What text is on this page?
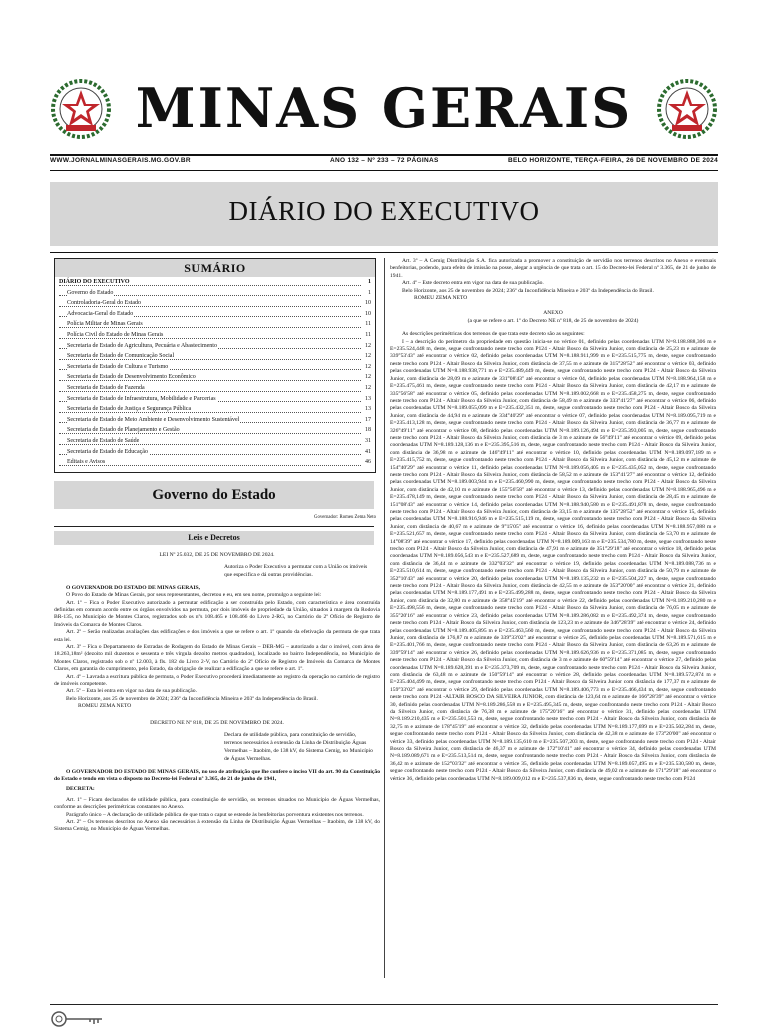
MINAS GERAIS
WWW.JORNALMINASGERAIS.MG.GOV.BR	ANO 132 – Nº 233 – 72 PÁGINAS	BELO HORIZONTE, TERÇA-FEIRA, 26 DE NOVEMBRO DE 2024
DIÁRIO DO EXECUTIVO
SUMÁRIO
DIÁRIO DO EXECUTIVO	1
Governo do Estado	1
Controladoria-Geral do Estado	10
Advocacia-Geral do Estado	10
Polícia Militar de Minas Gerais	11
Polícia Civil do Estado de Minas Gerais	11
Secretaria de Estado de Agricultura, Pecuária e Abastecimento	12
Secretaria de Estado de Comunicação Social	12
Secretaria de Estado de Cultura e Turismo	12
Secretaria de Estado de Desenvolvimento Econômico	12
Secretaria de Estado de Fazenda	12
Secretaria de Estado de Infraestrutura, Mobilidade e Parcerias	13
Secretaria de Estado de Justiça e Segurança Pública	13
Secretaria de Estado de Meio Ambiente e Desenvolvimento Sustentável	17
Secretaria de Estado de Planejamento e Gestão	18
Secretaria de Estado de Saúde	31
Secretaria de Estado de Educação	41
Editais e Avisos	46
Governo do Estado
Governador: Romeu Zema Neto
Leis e Decretos
LEI Nº 25.032, DE 25 DE NOVEMBRO DE 2024.
Autoriza o Poder Executivo a permutar com a União os imóveis que especifica e dá outras providências.

O GOVERNADOR DO ESTADO DE MINAS GERAIS,

O Povo do Estado de Minas Gerais, por seus representantes, decretou e eu, em seu nome, promulgo a seguinte lei:

Art. 1º – Fica o Poder Executivo autorizado a permutar edificação a ser construída pelo Estado, com característica e área construída definidas em comum acordo entre os órgãos envolvidos na permuta, por dois imóveis de propriedade da União, situados à margem da Rodovia BR-135, no Município de Montes Claros, registrados sob os nºs 108.465 e 108.466 do Livro 2-RG, no Cartório do 2º Ofício de Registro de Imóveis da Comarca de Montes Claros.

Art. 2º – Serão realizadas avaliações das edificações e dos imóveis a que se refere o art. 1º quando da efetivação da permuta de que trata esta lei.

Art. 3º – Fica o Departamento de Estradas de Rodagem do Estado de Minas Gerais – DER-MG – autorizado a dar o imóvel, com área de 18.263,18m² (dezoito mil duzentos e sessenta e três vírgula dezoito metros quadrados), localizado no bairro Independência, no Município de Montes Claros, registrado sob o nº 12.003, à fls. 182 do Livro 2-V, no Cartório do 2º Ofício de Registro de Imóveis da Comarca de Montes Claros, em garantia do cumprimento, pelo Estado, da obrigação de realizar a edificação a que se refere o art. 1º.

Art. 4º – Lavrada a escritura pública de permuta, o Poder Executivo procederá imediatamente ao registro da operação no cartório de registro de imóveis competente.

Art. 5º – Esta lei entra em vigor na data de sua publicação.

Belo Horizonte, aos 25 de novembro de 2024; 236º da Inconfidência Mineira e 203º da Independência do Brasil.

ROMEU ZEMA NETO

DECRETO NE Nº 818, DE 25 DE NOVEMBRO DE 2024.
Declara de utilidade pública, para constituição de servidão, terrenos necessários à extensão da Linha de Distribuição Águas Vermelhas – Itaobim, de 138 kV, do Sistema Cemig, no Município de Águas Vermelhas.

O GOVERNADOR DO ESTADO DE MINAS GERAIS, no uso de atribuição que lhe confere o inciso VII do art. 90 da Constituição do Estado e tendo em vista o disposto no Decreto-lei Federal nº 3.365, de 21 de junho de 1941,

DECRETA:

Art. 1º – Ficam declarados de utilidade pública, para constituição de servidão, os terrenos situados no Município de Águas Vermelhas, conforme as descrições perimétricas constantes no Anexo.

Parágrafo único – A declaração de utilidade pública de que trata o caput se estende às benfeitorias porventura existentes nos terrenos.

Art. 2º – Os terrenos descritos no Anexo são necessários à extensão da Linha de Distribuição Águas Vermelhas – Itaobim, de 138 kV, do Sistema Cemig, no Município de Águas Vermelhas.

Art. 3º – A Cemig Distribuição S.A. fica autorizada a promover a constituição de servidão nos terrenos descritos no Anexo e eventuais benfeitorias, podendo, para efeito de imissão na posse, alegar a urgência de que trata o art. 15 do Decreto-lei Federal nº 3.365, de 21 de junho de 1941.

Art. 4º – Este decreto entra em vigor na data de sua publicação.

Belo Horizonte, aos 25 de novembro de 2024; 236º da Inconfidência Mineira e 203º da Independência do Brasil.

ROMEU ZEMA NETO

ANEXO
(a que se refere o art. 1º do Decreto NE nº 818, de 25 de novembro de 2024)

As descrições perimétricas dos terrenos de que trata este decreto são as seguintes:

I – a descrição do perímetro da propriedade em questão inicia-se no vértice 01, definido pelas coordenadas UTM N=8.188.888,306 m e E=235.524,448 m, deste, segue confrontando neste trecho com P124 - Altair Bosco da Silveira Junior, com distância de 25,23 m e azimute de 339°53'43" até encontrar o vértice 02, definido pelas coordenadas UTM N=8.188.911,999 m e E=235.515,775 m, deste, segue confrontando neste trecho com P124 - Altair Bosco da Silveira Junior, com distância de 37,55 m e azimute de 315°28'52" até encontrar o vértice 03, definido pelas coordenadas UTM N=8.188.938,771 m e E=235.489,449 m, deste, segue confrontando neste trecho com P124 - Altair Bosco da Silveira Junior, com distância de 28,09 m e azimute de 331°08'43" até encontrar o vértice 04, definido pelas coordenadas UTM N=8.188.964,158 m e E=235.475,461 m, deste, segue confrontando neste trecho com P124 - Altair Bosco da Silveira Junior, com distância de 42,17 m e azimute de 335°56'58" até encontrar o vértice 05, definido pelas coordenadas UTM N=8.189.002,668 m e E=235.458,275 m, deste, segue confrontando neste trecho com P124 - Altair Bosco da Silveira Junior, com distância de 58,49 m e azimute de 333°41'27" até encontrar o vértice 06, definido pelas coordenadas UTM N=8.189.055,099 m e E=235.432,351 m, deste, segue confrontando neste trecho com P124 - Altair Bosco da Silveira Junior, com distância de 44,94 m e azimute de 334°40'29" até encontrar o vértice 07, definido pelas coordenadas UTM N=8.189.095,719 m e E=235.413,128 m, deste, segue confrontando neste trecho com P124 - Altair Bosco da Silveira Junior, com distância de 36,77 m e azimute de 326°49'11" até encontrar o vértice 08, definido pelas coordenadas UTM N=8.189.126,494 m e E=235.393,005 m, deste, segue confrontando neste trecho com P124 - Altair Bosco da Silveira Junior, com distância de 3 m e azimute de 56°49'11" até encontrar o vértice 09, definido pelas coordenadas UTM N=8.189.128,136 m e E=235.395,516 m, deste, segue confrontando neste trecho com P124 - Altair Bosco da Silveira Junior, com distância de 36,98 m e azimute de 146°49'11" até encontrar o vértice 10, definido pelas coordenadas UTM N=8.189.097,189 m e E=235.415,752 m, deste, segue confrontando neste trecho com P124 - Altair Bosco da Silveira Junior, com distância de 45,12 m e azimute de 154°40'29" até encontrar o vértice 11, definido pelas coordenadas UTM N=8.189.056,405 m e E=235.435,052 m, deste, segue confrontando neste trecho com P124 - Altair Bosco da Silveira Junior, com distância de 58,52 m e azimute de 153°41'27" até encontrar o vértice 12, definido pelas coordenadas UTM N=8.189.003,944 m e E=235.460,990 m, deste, segue confrontando neste trecho com P124 - Altair Bosco da Silveira Junior, com distância de 42,10 m e azimute de 155°56'58" até encontrar o vértice 13, definido pelas coordenadas UTM N=8.188.965,496 m e E=235.478,149 m, deste, segue confrontando neste trecho com P124 - Altair Bosco da Silveira Junior, com distância de 28,45 m e azimute de 151°08'43" até encontrar o vértice 14, definido pelas coordenadas UTM N=8.188.940,580 m e E=235.491,878 m, deste, segue confrontando neste trecho com P124 - Altair Bosco da Silveira Junior, com distância de 33,15 m e azimute de 135°28'52" até encontrar o vértice 15, definido pelas coordenadas UTM N=8.188.916,946 m e E=235.515,119 m, deste, segue confrontando neste trecho com P124 - Altair Bosco da Silveira Junior, com distância de 40,67 m e azimute de 9°15'05" até encontrar o vértice 16, definido pelas coordenadas UTM N=8.188.957,088 m e E=235.521,657 m, deste, segue confrontando neste trecho com P124 - Altair Bosco da Silveira Junior, com distância de 53,70 m e azimute de 14°08'39" até encontrar o vértice 17, definido pelas coordenadas UTM N=8.189.009,163 m e E=235.534,780 m, deste, segue confrontando neste trecho com P124 - Altair Bosco da Silveira Junior, com distância de 47,91 m e azimute de 351°29'18" até encontrar o vértice 18, definido pelas coordenadas UTM N=8.189.056,543 m e E=235.527,689 m, deste, segue confrontando neste trecho com P124 - Altair Bosco da Silveira Junior, com distância de 36,44 m e azimute de 332°03'32" até encontrar o vértice 19, definido pelas coordenadas UTM N=8.189.088,736 m e E=235.510,614 m, deste, segue confrontando neste trecho com P124 - Altair Bosco da Silveira Junior, com distância de 50,79 m e azimute de 352°10'43" até encontrar o vértice 20, definido pelas coordenadas UTM N=8.189.135,232 m e E=235.504,227 m, deste, segue confrontando neste trecho com P124 - Altair Bosco da Silveira Junior, com distância de 42,55 m e azimute de 353°20'00" até encontrar o vértice 21, definido pelas coordenadas UTM N=8.189.177,491 m e E=235.499,288 m, deste, segue confrontando neste trecho com P124 - Altair Bosco da Silveira Junior, com distância de 32,80 m e azimute de 358°45'19" até encontrar o vértice 22, definido pelas coordenadas UTM N=8.189.210,280 m e E=235.498,556 m, deste, segue confrontando neste trecho com P124 - Altair Bosco da Silveira Junior, com distância de 76,05 m e azimute de 355°20'16" até encontrar o vértice 23, definido pelas coordenadas UTM N=8.189.286,082 m e E=235.492,374 m, deste, segue confrontando neste trecho com P124 - Altair Bosco da Silveira Junior, com distância de 123,23 m e azimute de 346°28'39" até encontrar o vértice 24, definido pelas coordenadas UTM N=8.189.405,895 m e E=235.463,560 m, deste, segue confrontando neste trecho com P124 - Altair Bosco da Silveira Junior, com distância de 176,87 m e azimute de 339°33'02" até encontrar o vértice 25, definido pelas coordenadas UTM N=8.189.571,615 m e E=235.401,766 m, deste, segue confrontando neste trecho com P124 - Altair Bosco da Silveira Junior, com distância de 63,26 m e azimute de 339°59'14" até encontrar o vértice 26, definido pelas coordenadas UTM N=8.189.626,936 m e E=235.371,085 m, deste, segue confrontando neste trecho com P124 - Altair Bosco da Silveira Junior, com distância de 3 m e azimute de 60°59'14" até encontrar o vértice 27, definido pelas coordenadas UTM N=8.189.628,391 m e E=235.373,709 m, deste, segue confrontando neste trecho com P124 - Altair Bosco da Silveira Junior, com distância de 63,48 m e azimute de 150°59'14" até encontrar o vértice 28, definido pelas coordenadas UTM N=8.189.572,874 m e E=235.404,499 m, deste, segue confrontando neste trecho com P124 - Altair Bosco da Silveira Junior com distância de 177,37 m e azimute de 159°33'02" até encontrar o vértice 29, definido pelas coordenadas UTM N=8.189.406,773 m e E=235.466,434 m, deste, segue confrontando neste trecho com P124 -ALTAIR BOSCO DA SILVEIRA JUNIOR, com distância de 123,64 m e azimute de 166°28'39" até encontrar o vértice 30, definido pelas coordenadas UTM N=8.189.286,558 m e E=235.495,345 m, deste, segue confrontando neste trecho com P124 - Altair Bosco da Silveira Junior, com distância de 76,38 m e azimute de 175°20'16" até encontrar o vértice 31, definido pelas coordenadas UTM N=8.189.210,435 m e E=235.501,553 m, deste, segue confrontando neste trecho com P124 - Altair Bosco da Silveira Junior, com distância de 32,75 m e azimute de 178°45'19" até encontrar o vértice 32, definido pelas coordenadas UTM N=8.189.177,699 m e E=235.502,284 m, deste, segue confrontando neste trecho com P124 - Altair Bosco da Silveira Junior, com distância de 42,38 m e azimute de 173°20'00" até encontrar o vértice 33, definido pelas coordenadas UTM N=8.189.135,610 m e E=235.507,203 m, deste, segue confrontando neste trecho com P124 - Altair Bosco da Silveira Junior, com distância de 46,37 m e azimute de 172°10'41" até encontrar o vértice 34, definido pelas coordenadas UTM N=8.189.089,671 m e E=235.513,514 m, deste, segue confrontando neste trecho com P124 - Altair Bosco da Silveira Junior, com distância de 36,42 m e azimute de 152°03'32" até encontrar o vértice 35, definido pelas coordenadas UTM N=8.189.057,495 m e E=235.530,580 m, deste, segue confrontando neste trecho com P124 - Altair Bosco da Silveira Junior, com distância de 49,02 m e azimute de 171°29'18" até encontrar o vértice 36, definido pelas coordenadas UTM N=8.189.009,012 m e E=235.537,836 m, deste, segue confrontando neste trecho com P124
